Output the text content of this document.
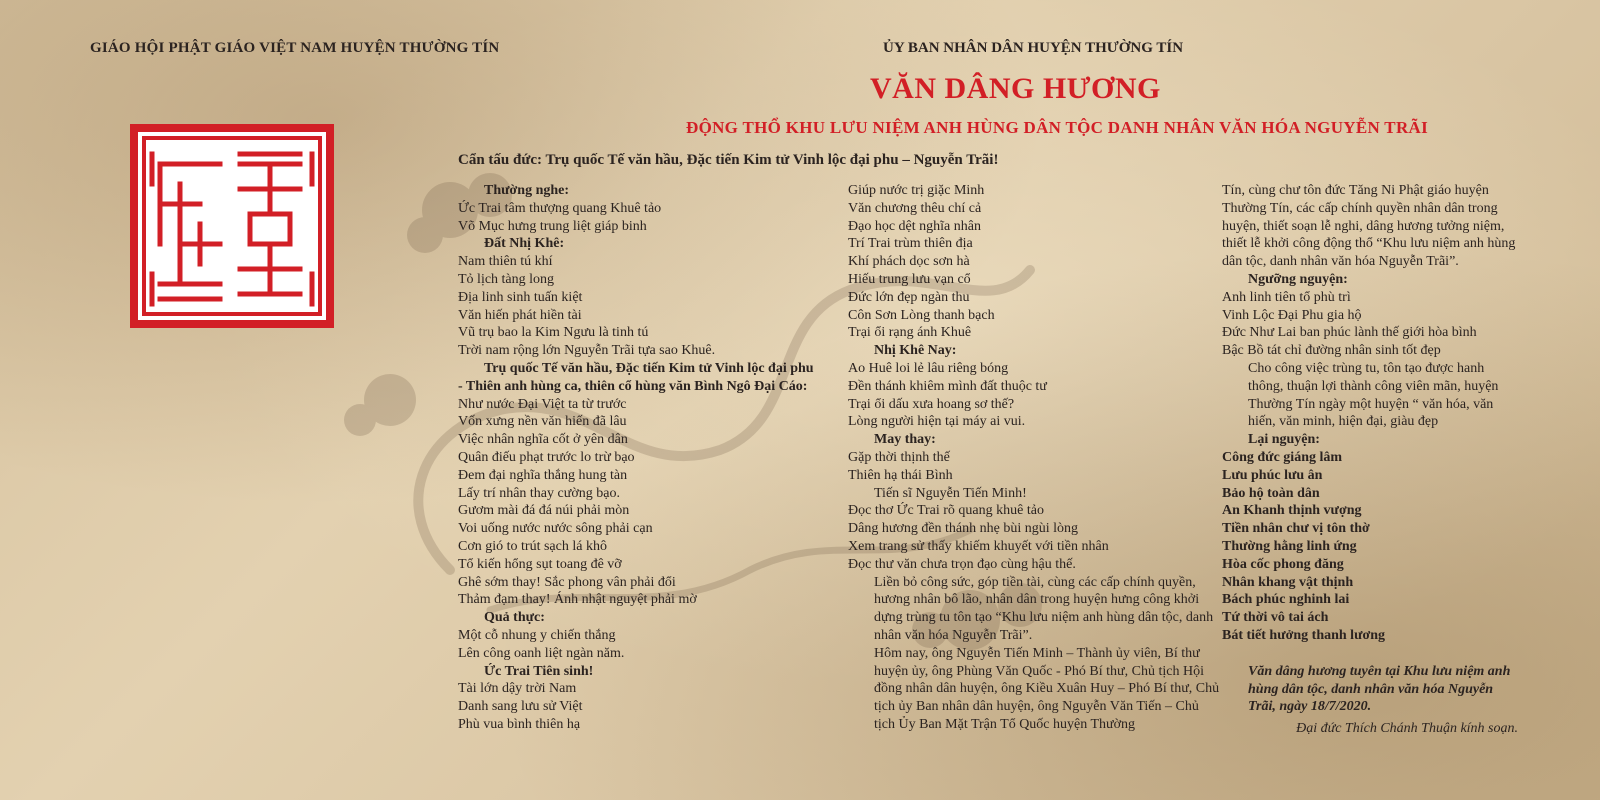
GIÁO HỘI PHẬT GIÁO VIỆT NAM HUYỆN THƯỜNG TÍN	ỦY BAN NHÂN DÂN HUYỆN THƯỜNG TÍN
VĂN DÂNG HƯƠNG
ĐỘNG THỔ KHU LƯU NIỆM ANH HÙNG DÂN TỘC DANH NHÂN VĂN HÓA NGUYỄN TRÃI
Cẩn tấu đức: Trụ quốc Tế văn hầu, Đặc tiến Kim tử Vinh lộc đại phu – Nguyễn Trãi!

Thường nghe:

Ức Trai tâm thượng quang Khuê tảo

Võ Mục hưng trung liệt giáp binh

Đất Nhị Khê:

Nam thiên tú khí

Tỏ lịch tàng long

Địa linh sinh tuấn kiệt

Văn hiến phát hiền tài

Vũ trụ bao la Kim Ngưu là tinh tú

Trời nam rộng lớn Nguyễn Trãi tựa sao Khuê.

Trụ quốc Tế văn hầu, Đặc tiến Kim tử Vinh lộc đại phu

- Thiên anh hùng ca, thiên cổ hùng văn Bình Ngô Đại Cáo:

Như nước Đại Việt ta từ trước

Vốn xưng nền văn hiến đã lâu

Việc nhân nghĩa cốt ở yên dân

Quân điếu phạt trước lo trừ bạo

Đem đại nghĩa thắng hung tàn

Lấy trí nhân thay cường bạo.

Gươm mài đá đá núi phải mòn

Voi uống nước nước sông phải cạn

Cơn gió to trút sạch lá khô

Tổ kiến hổng sụt toang đê vỡ

Ghê sớm thay! Sắc phong vân phải đổi

Thảm đạm thay! Ánh nhật nguyệt phải mờ

Quả thực:

Một cỗ nhung y chiến thắng

Lên công oanh liệt ngàn năm.

Ức Trai Tiên sinh!

Tài lớn dậy trời Nam

Danh sang lưu sử Việt

Phù vua bình thiên hạ

Giúp nước trị giặc Minh

Văn chương thêu chí cả

Đạo học dệt nghĩa nhân

Trí Trai trùm thiên địa

Khí phách dọc sơn hà

Hiếu trung lưu vạn cổ

Đức lớn đẹp ngàn thu

Côn Sơn Lòng thanh bạch

Trại ổi rạng ánh Khuê

Nhị Khê Nay:

Ao Huê loi lẻ lâu riêng bóng

Đền thánh khiêm mình đất thuộc tư

Trại ổi dấu xưa hoang sơ thế?

Lòng người hiện tại máy ai vui.

May thay:

Gặp thời thịnh thế

Thiên hạ thái Bình

Tiến sĩ Nguyễn Tiến Minh!

Đọc thơ Ức Trai rõ quang khuê tảo

Dâng hương đền thánh nhẹ bùi ngùi lòng

Xem trang sử thấy khiếm khuyết với tiền nhân

Đọc thư văn chưa trọn đạo cùng hậu thế.

Liền bỏ công sức, góp tiền tài, cùng các cấp chính quyền, hương nhân bô lão, nhân dân trong huyện hưng công khởi dựng trùng tu tôn tạo “Khu lưu niệm anh hùng dân tộc, danh nhân văn hóa Nguyễn Trãi”.

Hôm nay, ông Nguyễn Tiến Minh – Thành ủy viên, Bí thư huyện ủy, ông Phùng Văn Quốc - Phó Bí thư, Chủ tịch Hội đồng nhân dân huyện, ông Kiều Xuân Huy – Phó Bí thư, Chủ tịch ủy Ban nhân dân huyện, ông Nguyễn Văn Tiến – Chủ tịch Ủy Ban Mặt Trận Tổ Quốc huyện Thường

Tín, cùng chư tôn đức Tăng Ni Phật giáo huyện Thường Tín, các cấp chính quyền nhân dân trong huyện, thiết soạn lễ nghi, dâng hương tưởng niệm, thiết lễ khởi công động thổ “Khu lưu niệm anh hùng dân tộc, danh nhân văn hóa Nguyễn Trãi”.

Ngưỡng nguyện:

Anh linh tiên tổ phù trì

Vinh Lộc Đại Phu gia hộ

Đức Như Lai ban phúc lành thế giới hòa bình

Bậc Bồ tát chỉ đường nhân sinh tốt đẹp

Cho công việc trùng tu, tôn tạo được hanh thông, thuận lợi thành công viên mãn, huyện Thường Tín ngày một huyện “ văn hóa, văn hiến, văn minh, hiện đại, giàu đẹp

Lại nguyện:

Công đức giáng lâm

Lưu phúc lưu ân

Bảo hộ toàn dân

An Khanh thịnh vượng

Tiền nhân chư vị tôn thờ

Thường hằng linh ứng

Hòa cốc phong đăng

Nhân khang vật thịnh

Bách phúc nghinh lai

Tứ thời vô tai ách

Bát tiết hưởng thanh lương

Văn dâng hương tuyên tại Khu lưu niệm anh hùng dân tộc, danh nhân văn hóa Nguyễn Trãi, ngày 18/7/2020.

Đại đức Thích Chánh Thuận kính soạn.
